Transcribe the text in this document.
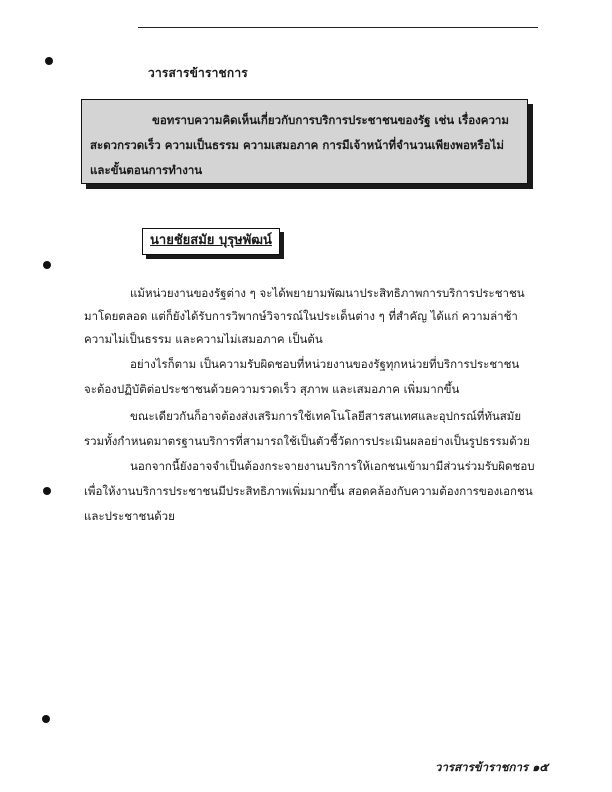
วารสารข้าราชการ
ขอทราบความคิดเห็นเกี่ยวกับการบริการประชาชนของรัฐ เช่น เรื่องความ
สะดวกรวดเร็ว ความเป็นธรรม ความเสมอภาค การมีเจ้าหน้าที่จำนวนเพียงพอหรือไม่
และขั้นตอนการทำงาน
นายชัยสมัย บุรุษพัฒน์
แม้หน่วยงานของรัฐต่าง ๆ จะได้พยายามพัฒนาประสิทธิภาพการบริการประชาชน
มาโดยตลอด แต่ก็ยังได้รับการวิพากษ์วิจารณ์ในประเด็นต่าง ๆ ที่สำคัญ ได้แก่ ความล่าช้า
ความไม่เป็นธรรม และความไม่เสมอภาค เป็นต้น
อย่างไรก็ตาม เป็นความรับผิดชอบที่หน่วยงานของรัฐทุกหน่วยที่บริการประชาชน
จะต้องปฏิบัติต่อประชาชนด้วยความรวดเร็ว สุภาพ และเสมอภาค เพิ่มมากขึ้น
ขณะเดียวกันก็อาจต้องส่งเสริมการใช้เทคโนโลยีสารสนเทศและอุปกรณ์ที่ทันสมัย
รวมทั้งกำหนดมาตรฐานบริการที่สามารถใช้เป็นตัวชี้วัดการประเมินผลอย่างเป็นรูปธรรมด้วย
นอกจากนี้ยังอาจจำเป็นต้องกระจายงานบริการให้เอกชนเข้ามามีส่วนร่วมรับผิดชอบ
เพื่อให้งานบริการประชาชนมีประสิทธิภาพเพิ่มมากขึ้น สอดคล้องกับความต้องการของเอกชน
และประชาชนด้วย
วารสารข้าราชการ ๑๕
